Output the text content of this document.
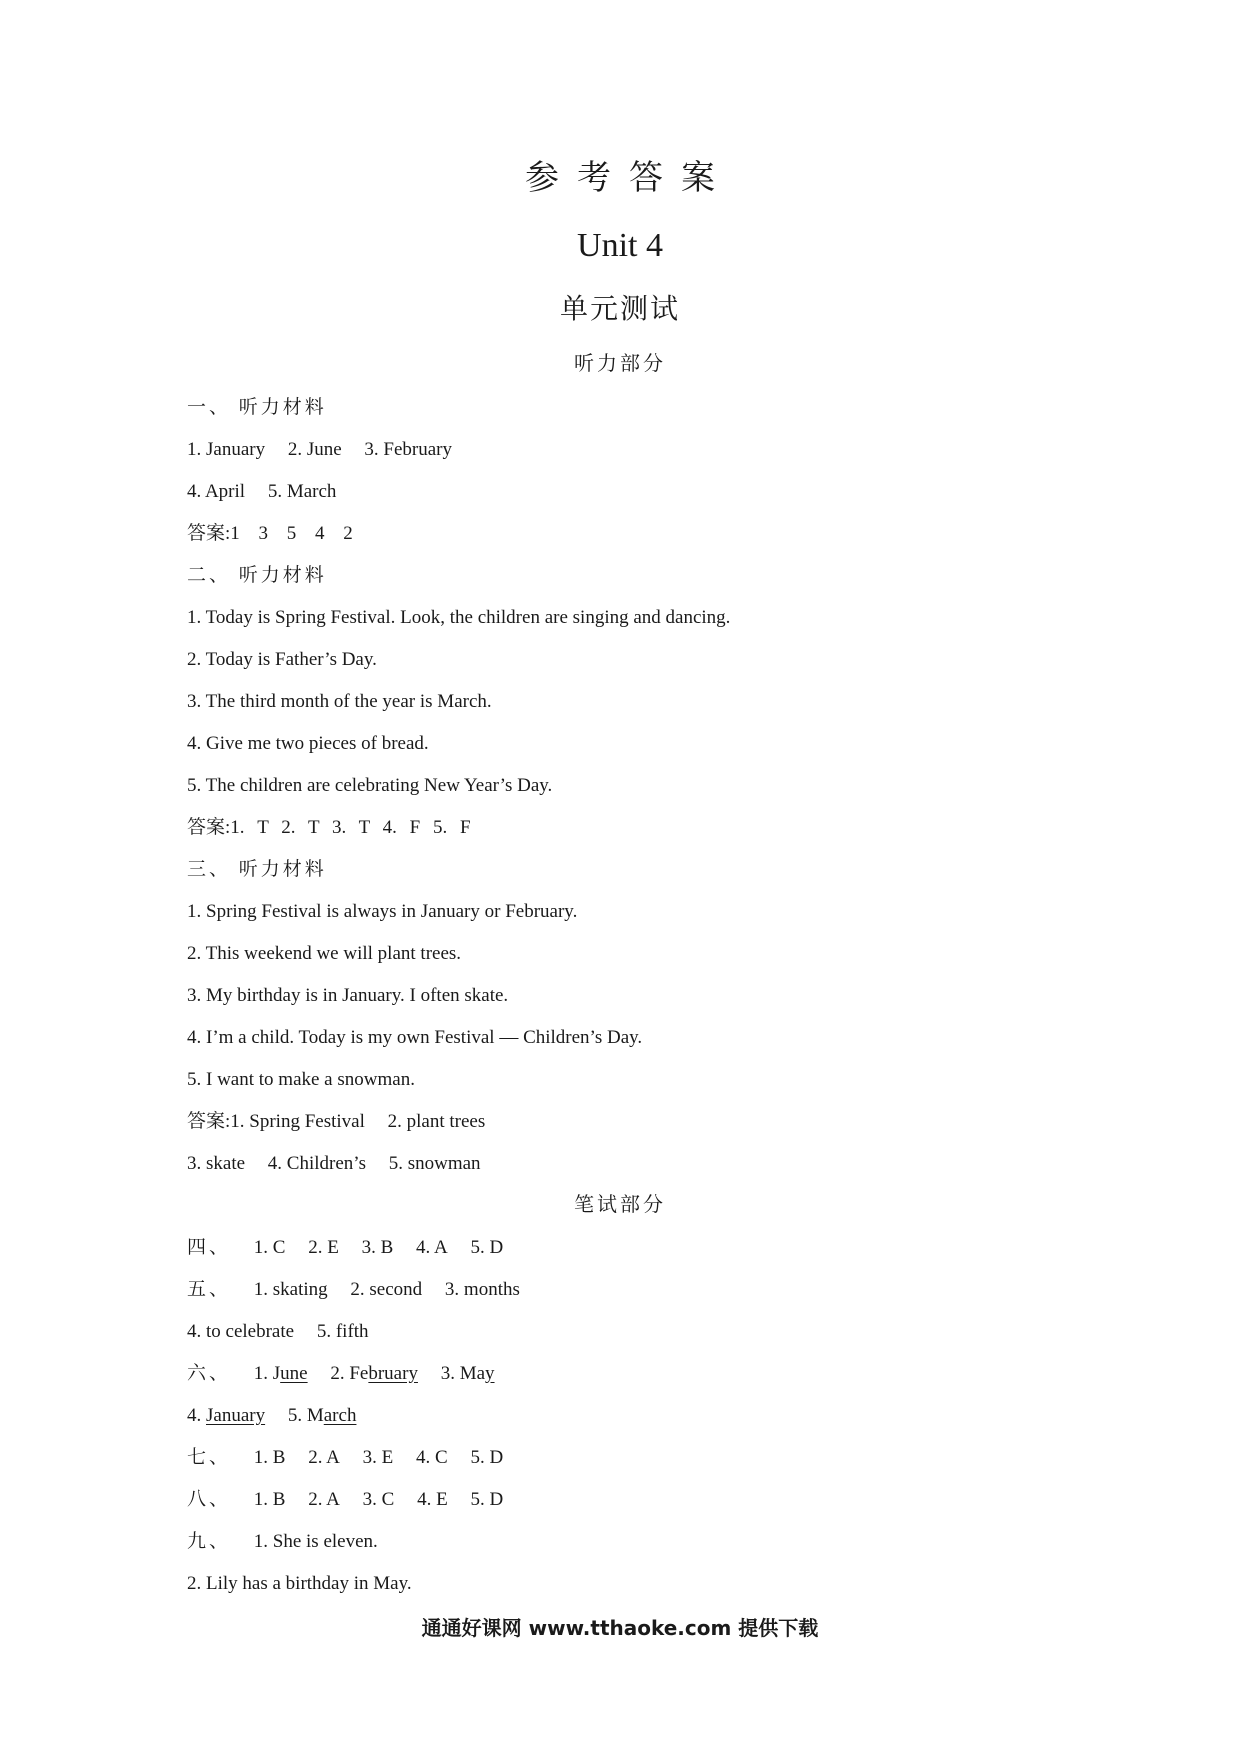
参考答案
Unit 4
单元测试
听力部分
一、 听力材料
1. January 2. June 3. February
4. April 5. March
答案:1 3 5 4 2
二、 听力材料
1. Today is Spring Festival. Look, the children are singing and dancing.
2. Today is Father’s Day.
3. The third month of the year is March.
4. Give me two pieces of bread.
5. The children are celebrating New Year’s Day.
答案:1. T 2. T 3. T 4. F 5. F
三、 听力材料
1. Spring Festival is always in January or February.
2. This weekend we will plant trees.
3. My birthday is in January. I often skate.
4. I’m a child. Today is my own Festival — Children’s Day.
5. I want to make a snowman.
答案:1. Spring Festival 2. plant trees
3. skate 4. Children’s 5. snowman
笔试部分
四、 1. C 2. E 3. B 4. A 5. D
五、 1. skating 2. second 3. months
4. to celebrate 5. fifth
六、 1. June 2. February 3. May
4. January 5. March
七、 1. B 2. A 3. E 4. C 5. D
八、 1. B 2. A 3. C 4. E 5. D
九、 1. She is eleven.
2. Lily has a birthday in May.
通通好课网 www.tthaoke.com 提供下载
